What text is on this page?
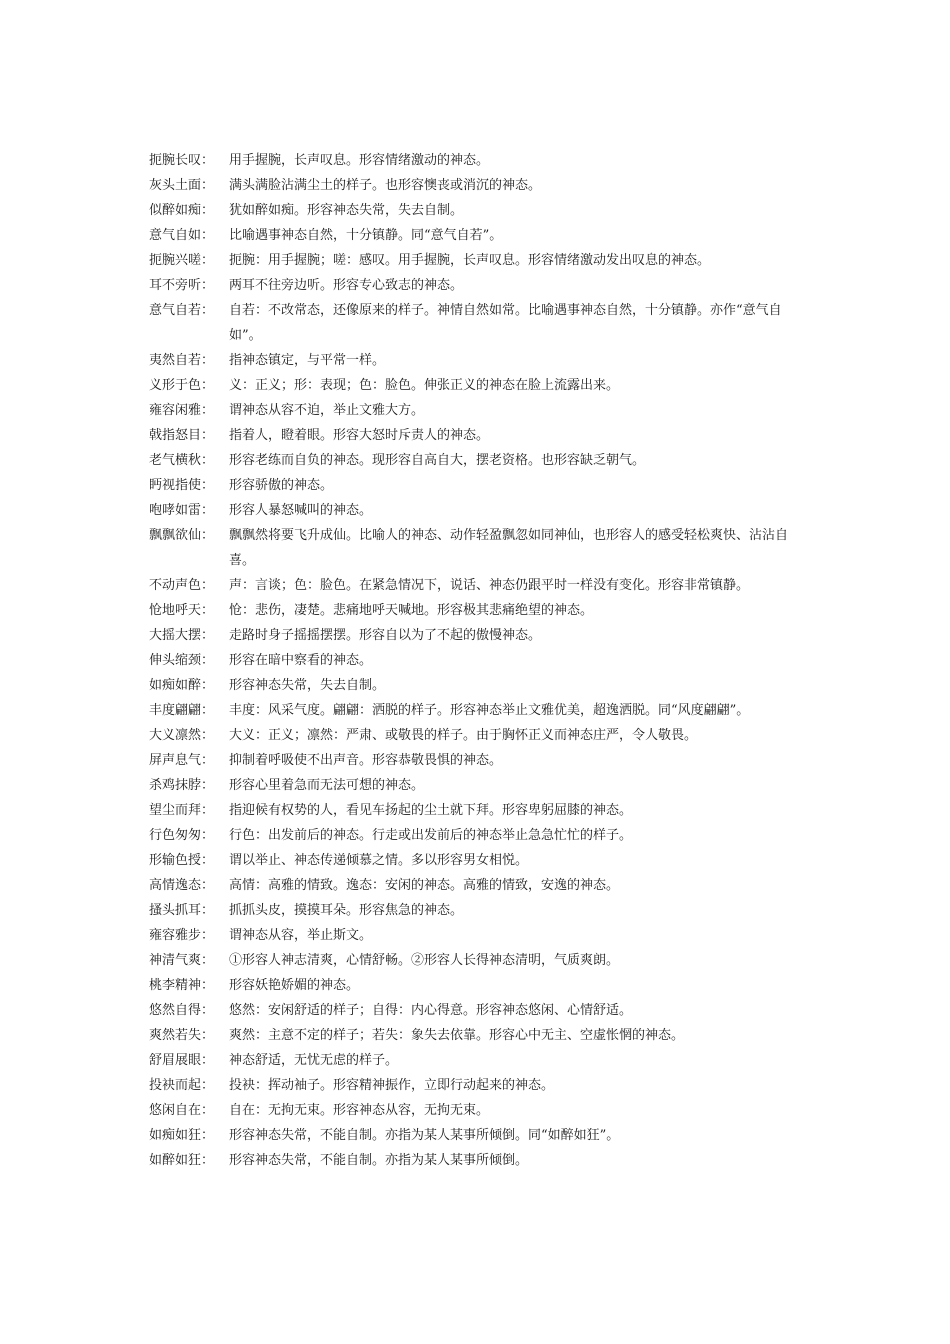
扼腕长叹： 用手握腕，长声叹息。形容情绪激动的神态。

灰头土面： 满头满脸沾满尘土的样子。也形容懊丧或消沉的神态。

似醉如痴： 犹如醉如痴。形容神态失常，失去自制。

意气自如： 比喻遇事神态自然，十分镇静。同“意气自若”。

扼腕兴嗟： 扼腕：用手握腕；嗟：感叹。用手握腕，长声叹息。形容情绪激动发出叹息的神态。

耳不旁听： 两耳不往旁边听。形容专心致志的神态。

意气自若： 自若：不改常态，还像原来的样子。神情自然如常。比喻遇事神态自然，十分镇静。亦作“意气自如”。

夷然自若： 指神态镇定，与平常一样。

义形于色： 义：正义；形：表现；色：脸色。伸张正义的神态在脸上流露出来。

雍容闲雅： 谓神态从容不迫，举止文雅大方。

戟指怒目： 指着人，瞪着眼。形容大怒时斥责人的神态。

老气横秋： 形容老练而自负的神态。现形容自高自大，摆老资格。也形容缺乏朝气。

眄视指使： 形容骄傲的神态。

咆哮如雷： 形容人暴怒喊叫的神态。

飘飘欲仙： 飘飘然将要飞升成仙。比喻人的神态、动作轻盈飘忽如同神仙，也形容人的感受轻松爽快、沾沾自喜。

不动声色： 声：言谈；色：脸色。在紧急情况下，说话、神态仍跟平时一样没有变化。形容非常镇静。

怆地呼天： 怆：悲伤，凄楚。悲痛地呼天喊地。形容极其悲痛绝望的神态。

大摇大摆： 走路时身子摇摇摆摆。形容自以为了不起的傲慢神态。

伸头缩颈： 形容在暗中察看的神态。

如痴如醉： 形容神态失常，失去自制。

丰度翩翩： 丰度：风采气度。翩翩：洒脱的样子。形容神态举止文雅优美，超逸洒脱。同“风度翩翩”。

大义凛然： 大义：正义；凛然：严肃、或敬畏的样子。由于胸怀正义而神态庄严，令人敬畏。

屏声息气： 抑制着呼吸使不出声音。形容恭敬畏惧的神态。

杀鸡抹脖： 形容心里着急而无法可想的神态。

望尘而拜： 指迎候有权势的人，看见车扬起的尘土就下拜。形容卑躬屈膝的神态。

行色匆匆： 行色：出发前后的神态。行走或出发前后的神态举止急急忙忙的样子。

形输色授： 谓以举止、神态传递倾慕之情。多以形容男女相悦。

高情逸态： 高情：高雅的情致。逸态：安闲的神态。高雅的情致，安逸的神态。

搔头抓耳： 抓抓头皮，摸摸耳朵。形容焦急的神态。

雍容雅步： 谓神态从容，举止斯文。

神清气爽： ①形容人神志清爽，心情舒畅。②形容人长得神态清明，气质爽朗。

桃李精神： 形容妖艳娇媚的神态。

悠然自得： 悠然：安闲舒适的样子；自得：内心得意。形容神态悠闲、心情舒适。

爽然若失： 爽然：主意不定的样子；若失：象失去依靠。形容心中无主、空虚怅惘的神态。

舒眉展眼： 神态舒适，无忧无虑的样子。

投袂而起： 投袂：挥动袖子。形容精神振作，立即行动起来的神态。

悠闲自在： 自在：无拘无束。形容神态从容，无拘无束。

如痴如狂： 形容神态失常，不能自制。亦指为某人某事所倾倒。同“如醉如狂”。

如醉如狂： 形容神态失常，不能自制。亦指为某人某事所倾倒。
